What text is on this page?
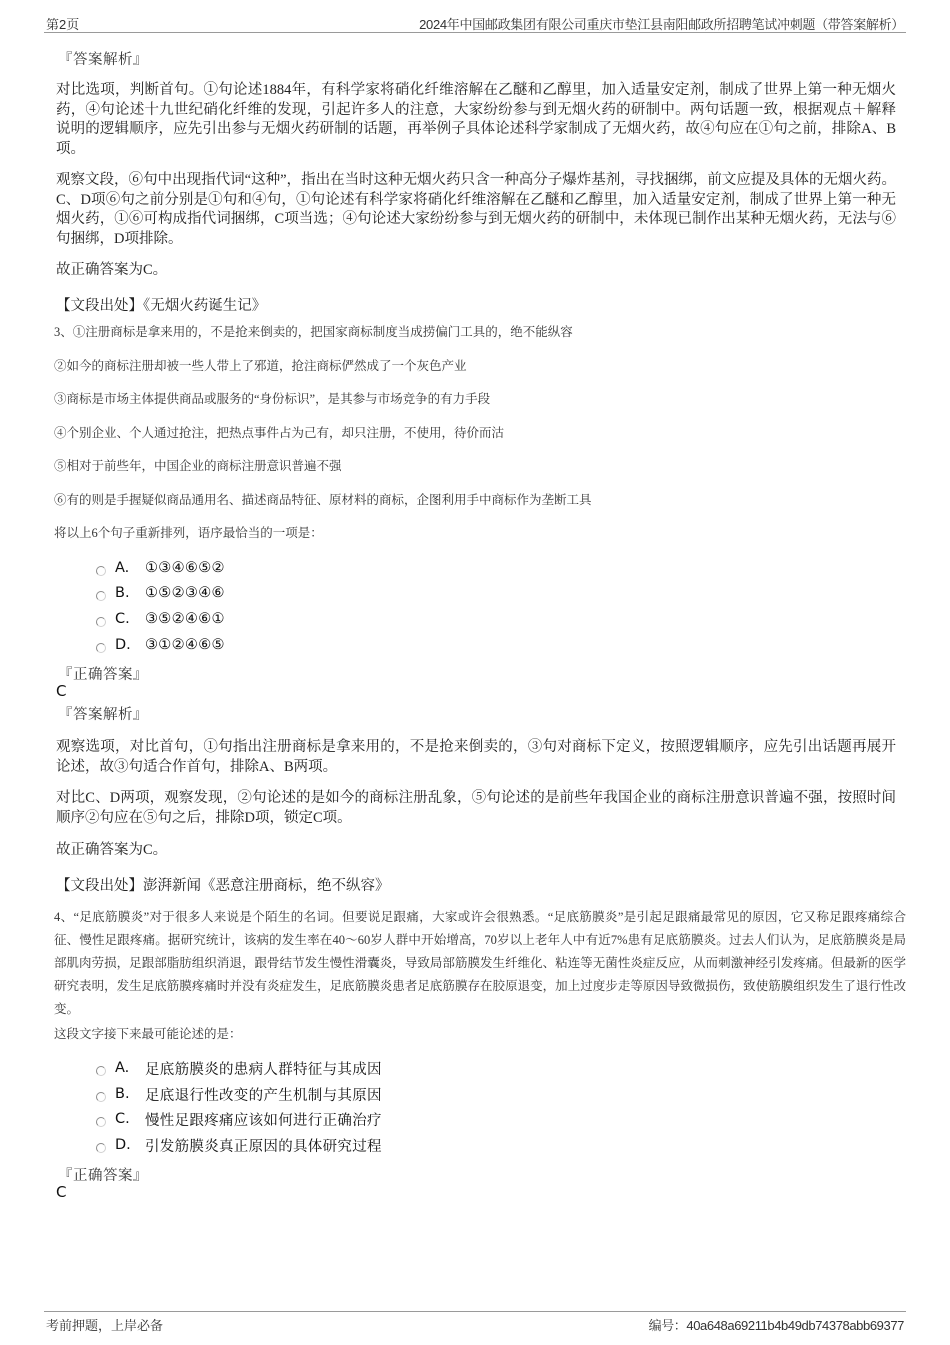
第2页	2024年中国邮政集团有限公司重庆市垫江县南阳邮政所招聘笔试冲刺题（带答案解析）
『答案解析』

对比选项，判断首句。①句论述1884年，有科学家将硝化纤维溶解在乙醚和乙醇里，加入适量安定剂，制成了世界上第一种无烟火药，④句论述十九世纪硝化纤维的发现，引起许多人的注意，大家纷纷参与到无烟火药的研制中。两句话题一致，根据观点＋解释说明的逻辑顺序，应先引出参与无烟火药研制的话题，再举例子具体论述科学家制成了无烟火药，故④句应在①句之前，排除A、B项。

观察文段，⑥句中出现指代词“这种”，指出在当时这种无烟火药只含一种高分子爆炸基剂，寻找捆绑，前文应提及具体的无烟火药。C、D项⑥句之前分别是①句和④句，①句论述有科学家将硝化纤维溶解在乙醚和乙醇里，加入适量安定剂，制成了世界上第一种无烟火药，①⑥可构成指代词捆绑，C项当选；④句论述大家纷纷参与到无烟火药的研制中，未体现已制作出某种无烟火药，无法与⑥句捆绑，D项排除。

故正确答案为C。

【文段出处】《无烟火药诞生记》
3、①注册商标是拿来用的，不是抢来倒卖的，把国家商标制度当成捞偏门工具的，绝不能纵容
②如今的商标注册却被一些人带上了邪道，抢注商标俨然成了一个灰色产业
③商标是市场主体提供商品或服务的“身份标识”，是其参与市场竞争的有力手段
④个别企业、个人通过抢注，把热点事件占为己有，却只注册，不使用，待价而沽
⑤相对于前些年，中国企业的商标注册意识普遍不强
⑥有的则是手握疑似商品通用名、描述商品特征、原材料的商标，企图利用手中商标作为垄断工具
将以上6个句子重新排列，语序最恰当的一项是：
A.	①③④⑥⑤②
B.	①⑤②③④⑥
C.	③⑤②④⑥①
D. ③①②④⑥⑤
『正确答案』
C
『答案解析』

观察选项，对比首句，①句指出注册商标是拿来用的，不是抢来倒卖的，③句对商标下定义，按照逻辑顺序，应先引出话题再展开论述，故③句适合作首句，排除A、B两项。

对比C、D两项，观察发现，②句论述的是如今的商标注册乱象，⑤句论述的是前些年我国企业的商标注册意识普遍不强，按照时间顺序②句应在⑤句之后，排除D项，锁定C项。

故正确答案为C。

【文段出处】澎湃新闻《恶意注册商标，绝不纵容》

4、“足底筋膜炎”对于很多人来说是个陌生的名词。但要说足跟痛，大家或许会很熟悉。“足底筋膜炎”是引起足跟痛最常见的原因，它又称足跟疼痛综合征、慢性足跟疼痛。据研究统计，该病的发生率在40～60岁人群中开始增高，70岁以上老年人中有近7%患有足底筋膜炎。过去人们认为，足底筋膜炎是局部肌肉劳损，足跟部脂肪组织消退，跟骨结节发生慢性滑囊炎，导致局部筋膜发生纤维化、粘连等无菌性炎症反应，从而刺激神经引发疼痛。但最新的医学研究表明，发生足底筋膜疼痛时并没有炎症发生，足底筋膜炎患者足底筋膜存在胶原退变，加上过度步走等原因导致微损伤，致使筋膜组织发生了退行性改变。

这段文字接下来最可能论述的是：
A.	足底筋膜炎的患病人群特征与其成因
B.	足底退行性改变的产生机制与其原因
C.	慢性足跟疼痛应该如何进行正确治疗
D. 引发筋膜炎真正原因的具体研究过程
『正确答案』
C
考前押题，上岸必备	编号：40a648a69211b4b49db74378abb69377
